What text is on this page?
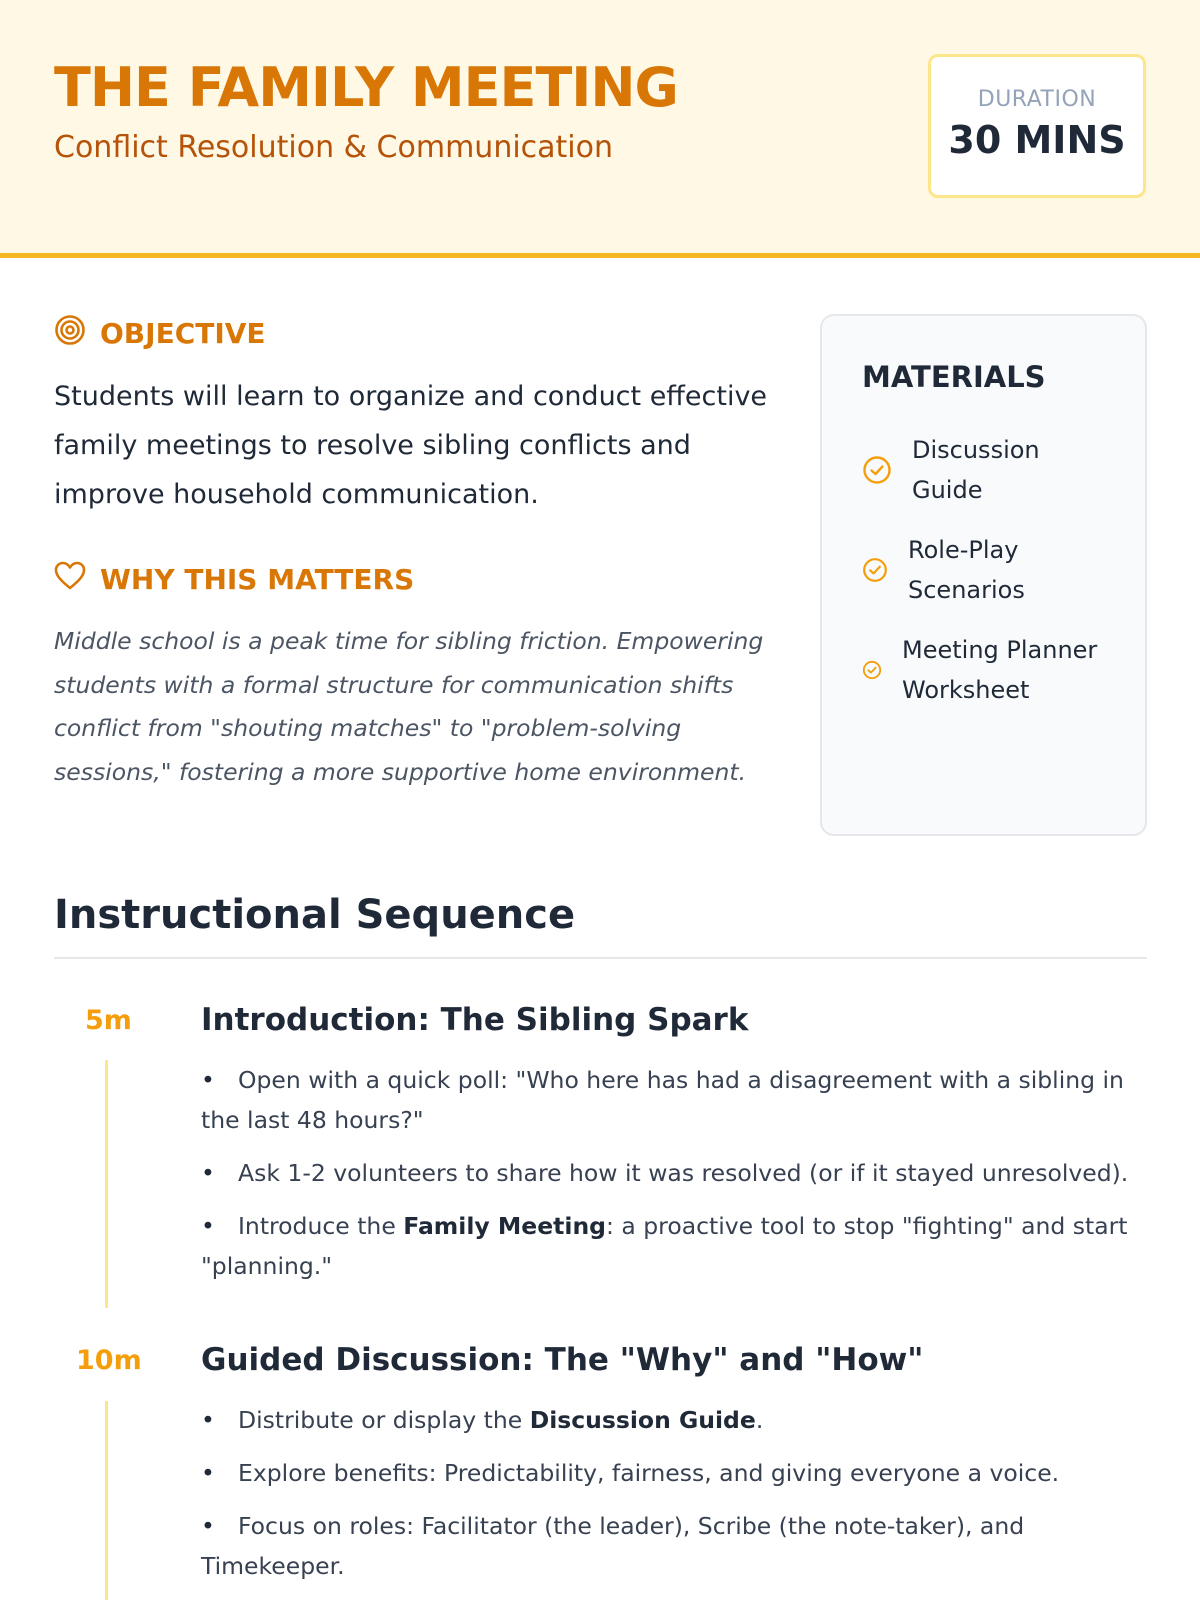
THE FAMILY MEETING
Conflict Resolution & Communication
DURATION
30 MINS
OBJECTIVE

Students will learn to organize and conduct effective family meetings to resolve sibling conflicts and improve household communication.

WHY THIS MATTERS

Middle school is a peak time for sibling friction. Empowering students with a formal structure for communication shifts conflict from "shouting matches" to "problem-solving sessions," fostering a more supportive home environment.

MATERIALS
Discussion
Guide
Role-Play
Scenarios
Meeting Planner
Worksheet
Instructional Sequence
5m Introduction: The Sibling Spark
• Open with a quick poll: "Who here has had a disagreement with a sibling in the last 48 hours?"
• Ask 1-2 volunteers to share how it was resolved (or if it stayed unresolved).
• Introduce the Family Meeting: a proactive tool to stop "fighting" and start "planning."
10m Guided Discussion: The "Why" and "How"
• Distribute or display the Discussion Guide.
• Explore benefits: Predictability, fairness, and giving everyone a voice.
• Focus on roles: Facilitator (the leader), Scribe (the note-taker), and Timekeeper.
